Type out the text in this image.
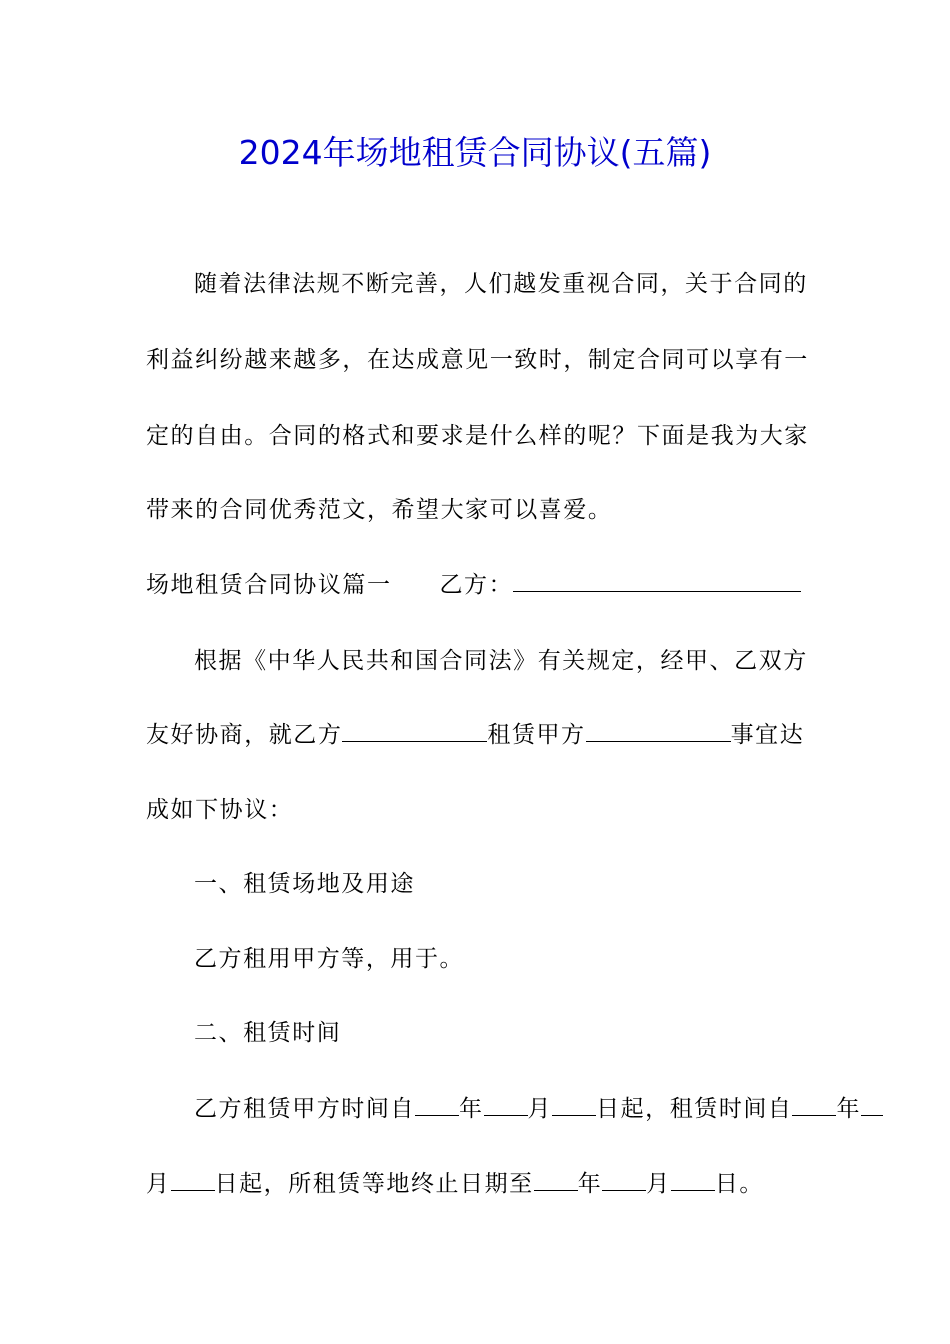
2024年场地租赁合同协议(五篇)
随着法律法规不断完善，人们越发重视合同，关于合同的
利益纠纷越来越多，在达成意见一致时，制定合同可以享有一
定的自由。合同的格式和要求是什么样的呢？下面是我为大家
带来的合同优秀范文，希望大家可以喜爱。
场地租赁合同协议篇一 乙方：
根据《中华人民共和国合同法》有关规定，经甲、乙双方
友好协商，就乙方	租赁甲方	事宜达
成如下协议：
一、租赁场地及用途
乙方租用甲方等，用于。
二、租赁时间
乙方租赁甲方时间自 年 月 日起，租赁时间自 年
月 日起，所租赁等地终止日期至 年 月 日。
